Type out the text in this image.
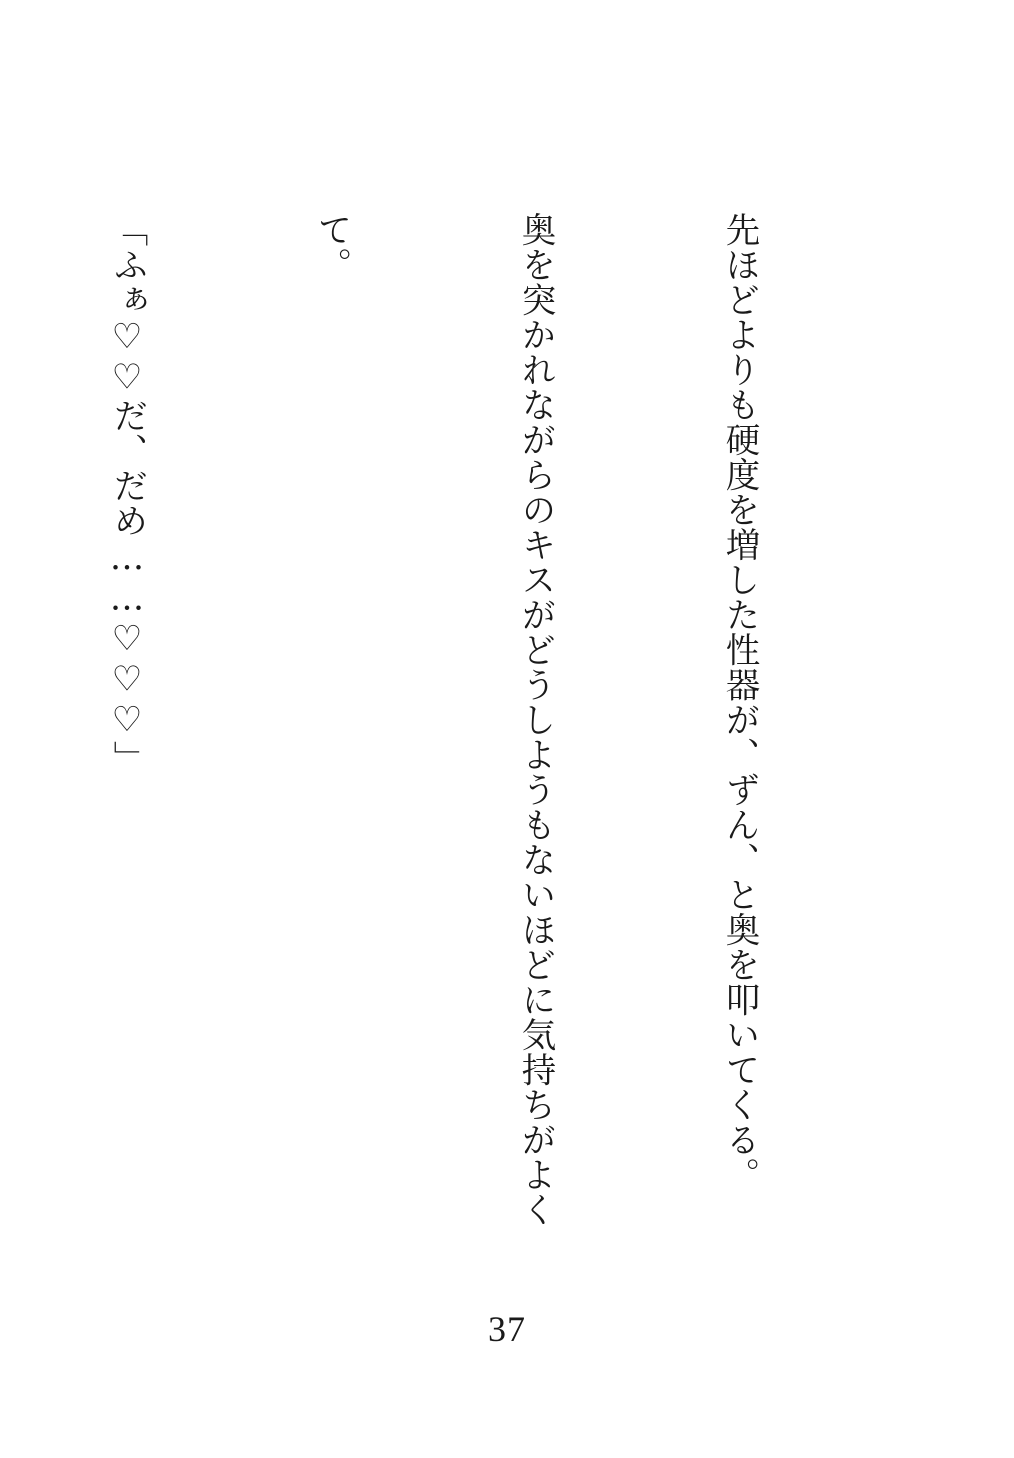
先ほどよりも硬度を増した性器が、ずん、と奥を叩いてくる。

奥を突かれながらのキスがどうしようもないほどに気持ちがよく

て。

「ふぁ♡♡だ、だめ……♡♡♡」

37
